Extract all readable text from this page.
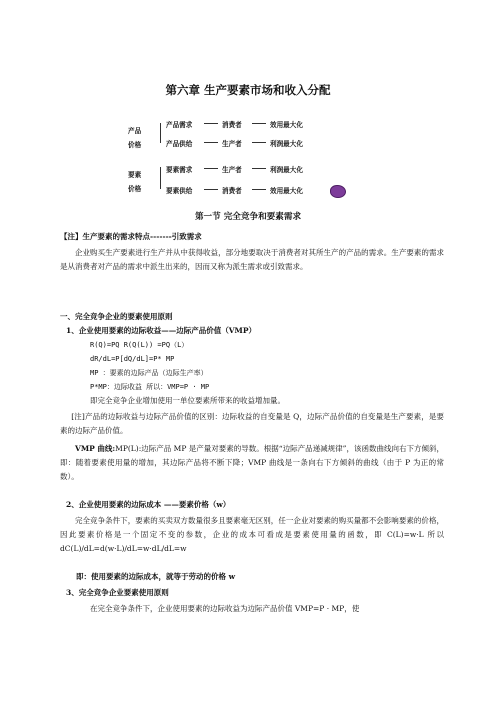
第六章 生产要素市场和收入分配
产品
价格
要素
价格
产品需求	消费者	效用最大化
产品供给	生产者	利润最大化
要素需求	生产者	利润最大化
要素供给	消费者	效用最大化
第一节 完全竞争和要素需求
【注】生产要素的需求特点-------引致需求
企业购买生产要素进行生产并从中获得收益，部分地要取决于消费者对其所生产的产品的需求。生产要素的需求是从消费者对产品的需求中派生出来的，因而又称为派生需求或引致需求。
一、完全竞争企业的要素使用原则
1、企业使用要素的边际收益——边际产品价值（VMP）
R(Q)=PQ R(Q(L)) =PQ（L）
dR/dL=P[dQ/dL]=P* MP
MP ：要素的边际产品（边际生产率）
P*MP：边际收益 所以：VMP=P · MP
即完全竞争企业增加使用一单位要素所带来的收益增加量。
[注]产品的边际收益与边际产品价值的区别：边际收益的自变量是 Q，边际产品价值的自变量是生产要素，是要素的边际产品价值。
VMP 曲线:MP(L):边际产品 MP 是产量对要素的导数。根据“边际产品递减规律”，该函数曲线向右下方倾斜，即：随着要素使用量的增加，其边际产品将不断下降；VMP 曲线是一条向右下方倾斜的曲线（由于 P 为正的常数）。
2、企业使用要素的边际成本 ——要素价格（w）
完全竞争条件下，要素的买卖双方数量很多且要素毫无区别，任一企业对要素的购买量都不会影响要素的价格，因此要素价格是一个固定不变的参数，企业的成本可看成是要素使用量的函数，即 C(L)=w·L 所以 dC(L)/dL=d(w·L)/dL=w·dL/dL=w
即：使用要素的边际成本，就等于劳动的价格 w
3、完全竞争企业要素使用原则
在完全竞争条件下，企业使用要素的边际收益为边际产品价值 VMP=P · MP，使
